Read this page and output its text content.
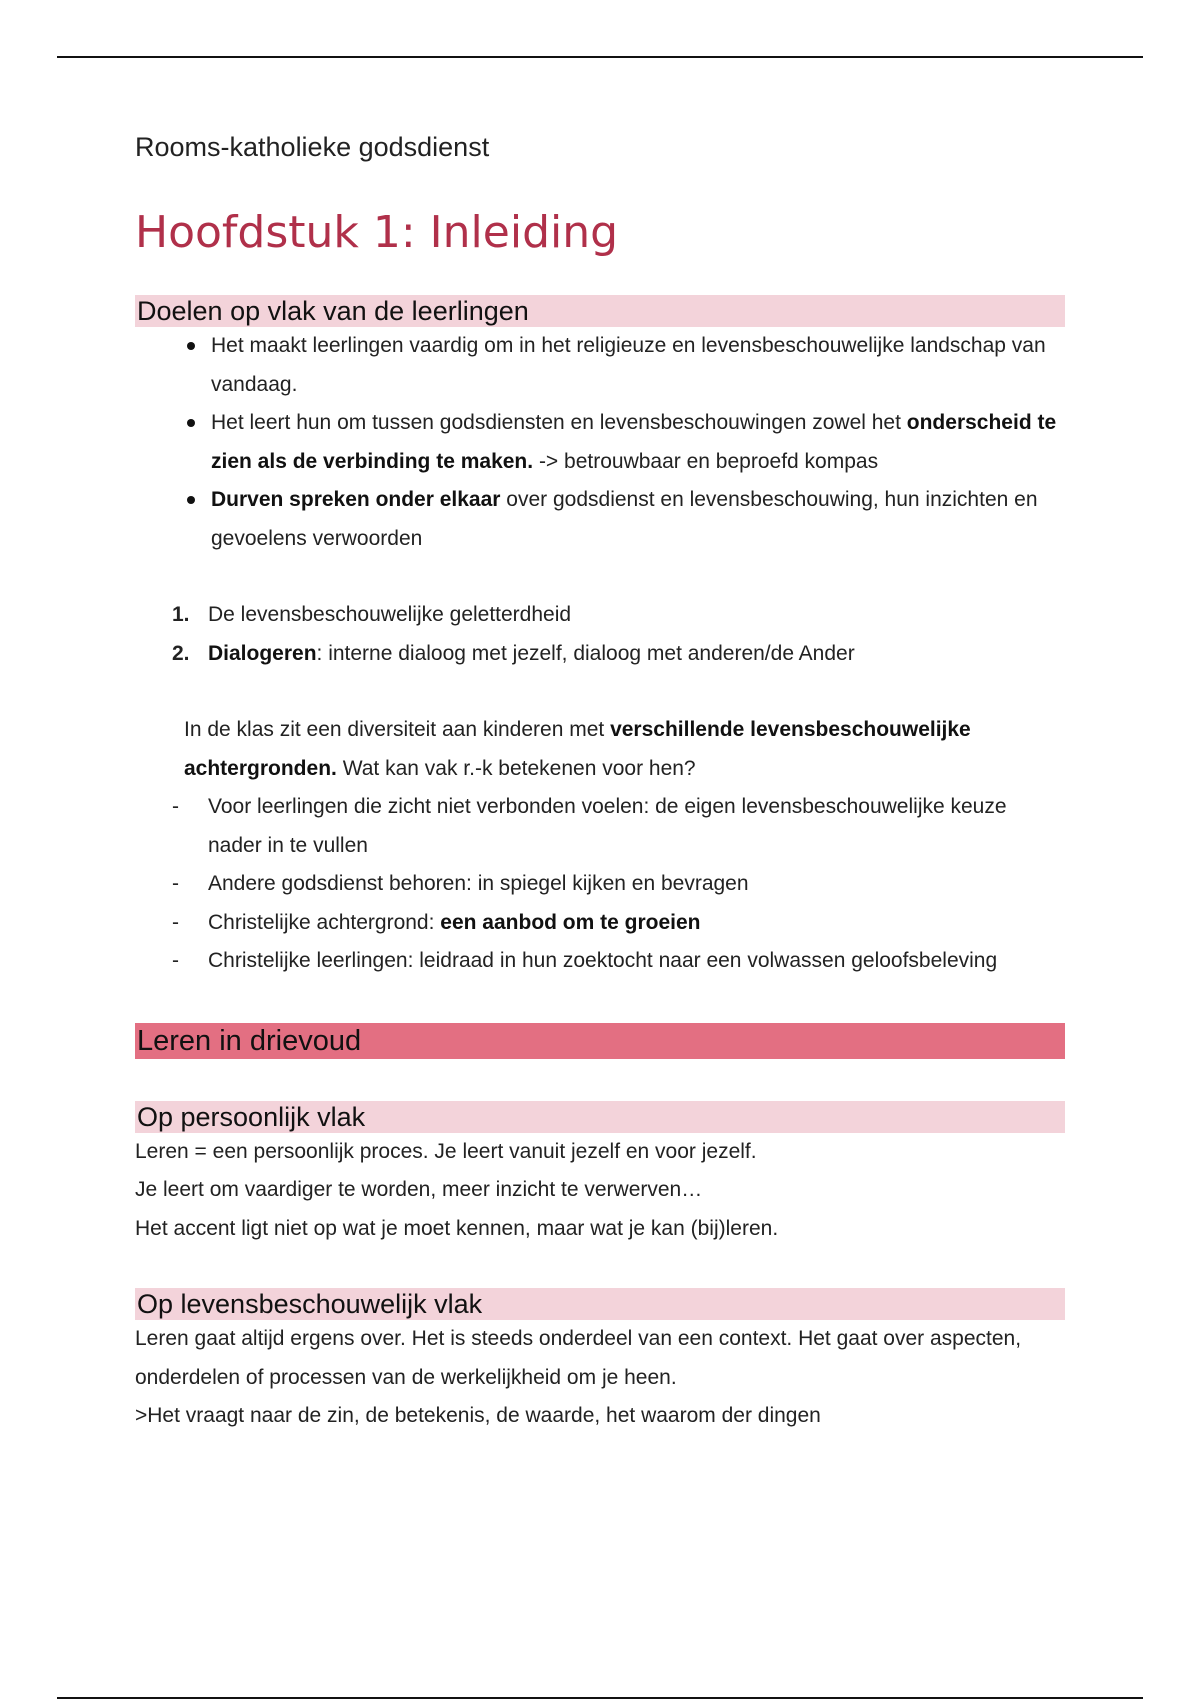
Rooms-katholieke godsdienst
Hoofdstuk 1: Inleiding
Doelen op vlak van de leerlingen
Het maakt leerlingen vaardig om in het religieuze en levensbeschouwelijke landschap van vandaag.
Het leert hun om tussen godsdiensten en levensbeschouwingen zowel het onderscheid te zien als de verbinding te maken. -> betrouwbaar en beproefd kompas
Durven spreken onder elkaar over godsdienst en levensbeschouwing, hun inzichten en gevoelens verwoorden
1. De levensbeschouwelijke geletterdheid
2. Dialogeren: interne dialoog met jezelf, dialoog met anderen/de Ander
In de klas zit een diversiteit aan kinderen met verschillende levensbeschouwelijke achtergronden. Wat kan vak r.-k betekenen voor hen?
- Voor leerlingen die zicht niet verbonden voelen: de eigen levensbeschouwelijke keuze nader in te vullen
- Andere godsdienst behoren: in spiegel kijken en bevragen
- Christelijke achtergrond: een aanbod om te groeien
- Christelijke leerlingen: leidraad in hun zoektocht naar een volwassen geloofsbeleving
Leren in drievoud
Op persoonlijk vlak

Leren = een persoonlijk proces. Je leert vanuit jezelf en voor jezelf.

Je leert om vaardiger te worden, meer inzicht te verwerven…

Het accent ligt niet op wat je moet kennen, maar wat je kan (bij)leren.

Op levensbeschouwelijk vlak

Leren gaat altijd ergens over. Het is steeds onderdeel van een context. Het gaat over aspecten, onderdelen of processen van de werkelijkheid om je heen.

>Het vraagt naar de zin, de betekenis, de waarde, het waarom der dingen
